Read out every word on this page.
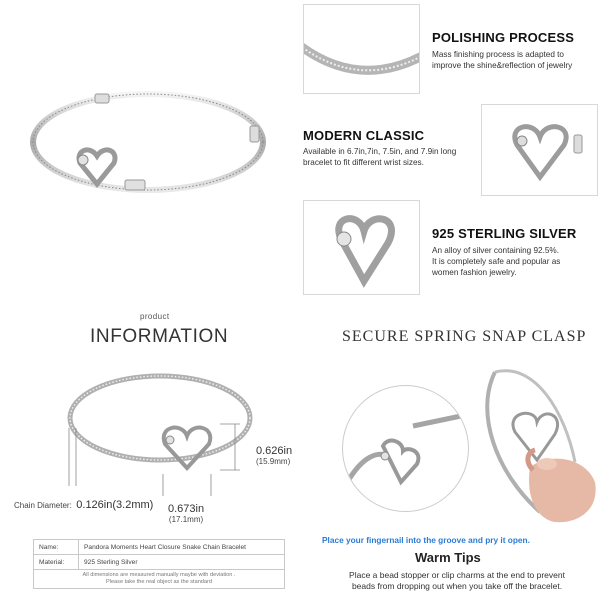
POLISHING PROCESS
Mass finishing process is adapted to
improve the shine&reflection of jewelry
MODERN CLASSIC
Available in 6.7in,7in, 7.5in, and 7.9in long
bracelet to fit different wrist sizes.
925 STERLING SILVER
An alloy of silver containing 92.5%.
It is completely safe and popular as
women fashion jewelry.
product
INFORMATION
0.626in
(15.9mm)
0.673in
(17.1mm)
Chain Diameter: 0.126in(3.2mm)
Name:	Pandora Moments Heart Closure Snake Chain Bracelet
Material:	925 Sterling Silver

All dimensions are measured manually maybe with deviation .
Please take the real object as the standard	
SECURE SPRING SNAP CLASP
Place your fingernail into the groove and pry it open.
Warm Tips
Place a bead stopper or clip charms at the end to prevent
beads from dropping out when you take off the bracelet.
